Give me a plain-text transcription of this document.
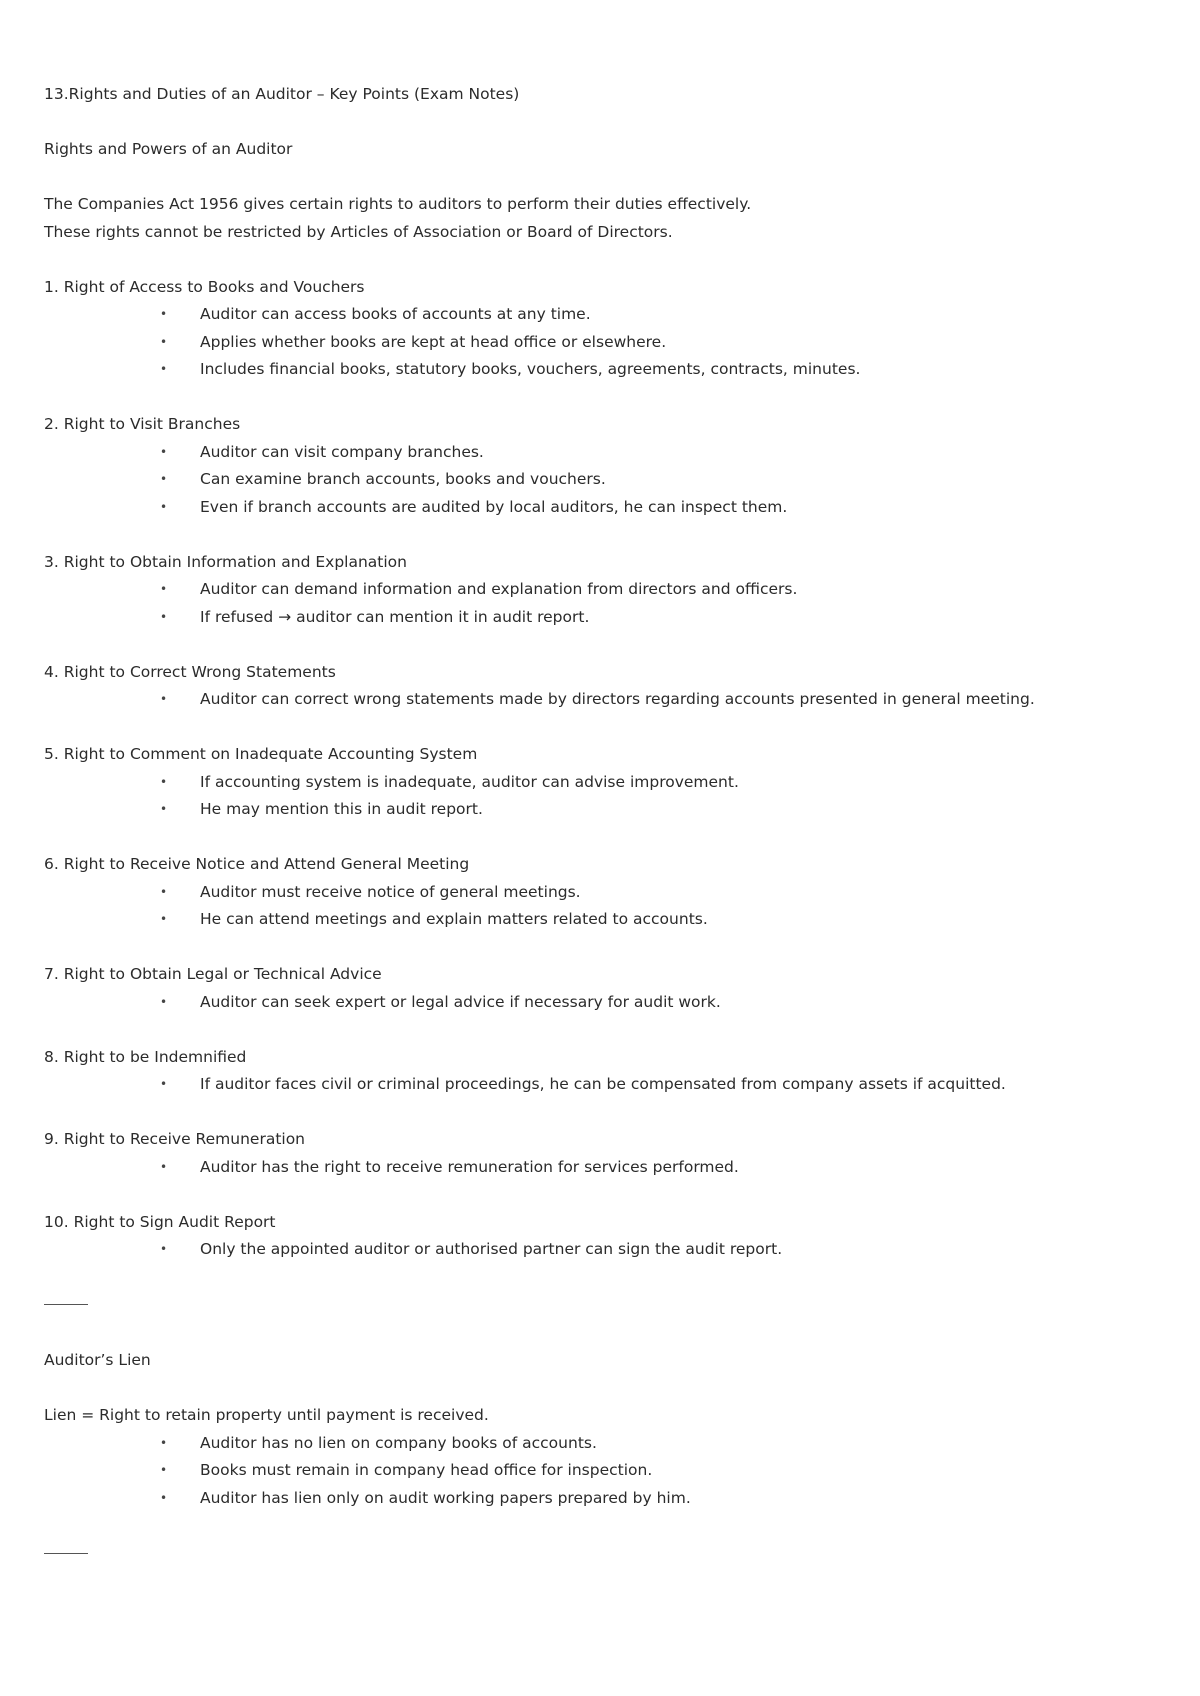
13.Rights and Duties of an Auditor – Key Points (Exam Notes)

Rights and Powers of an Auditor

The Companies Act 1956 gives certain rights to auditors to perform their duties effectively.

These rights cannot be restricted by Articles of Association or Board of Directors.

1. Right of Access to Books and Vouchers

• Auditor can access books of accounts at any time.
• Applies whether books are kept at head office or elsewhere.
• Includes financial books, statutory books, vouchers, agreements, contracts, minutes.

2. Right to Visit Branches

• Auditor can visit company branches.
• Can examine branch accounts, books and vouchers.
• Even if branch accounts are audited by local auditors, he can inspect them.

3. Right to Obtain Information and Explanation

• Auditor can demand information and explanation from directors and officers.
• If refused → auditor can mention it in audit report.

4. Right to Correct Wrong Statements

• Auditor can correct wrong statements made by directors regarding accounts presented in general meeting.

5. Right to Comment on Inadequate Accounting System

• If accounting system is inadequate, auditor can advise improvement.
• He may mention this in audit report.

6. Right to Receive Notice and Attend General Meeting

• Auditor must receive notice of general meetings.
• He can attend meetings and explain matters related to accounts.

7. Right to Obtain Legal or Technical Advice

• Auditor can seek expert or legal advice if necessary for audit work.

8. Right to be Indemnified

• If auditor faces civil or criminal proceedings, he can be compensated from company assets if acquitted.

9. Right to Receive Remuneration

• Auditor has the right to receive remuneration for services performed.

10. Right to Sign Audit Report

• Only the appointed auditor or authorised partner can sign the audit report.

Auditor’s Lien

Lien = Right to retain property until payment is received.

• Auditor has no lien on company books of accounts.
• Books must remain in company head office for inspection.
• Auditor has lien only on audit working papers prepared by him.
